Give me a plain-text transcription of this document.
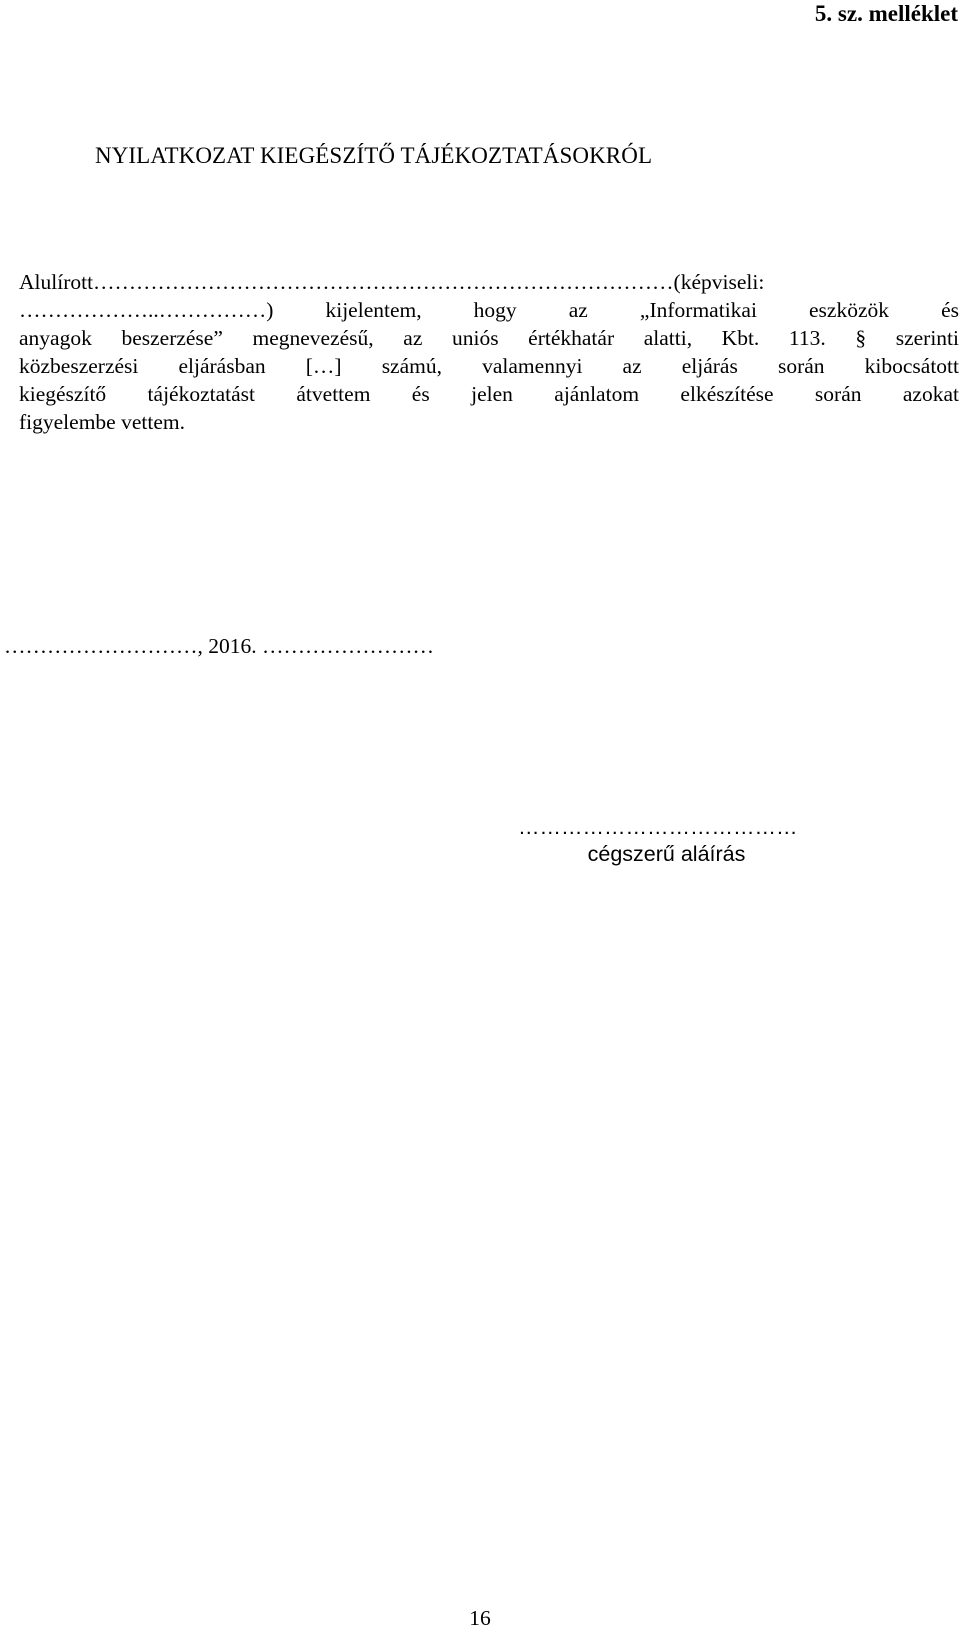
5. sz. melléklet
NYILATKOZAT KIEGÉSZÍTŐ TÁJÉKOZTATÁSOKRÓL
Alulírott………………………………………………………………………(képviseli:
………………..……………) kijelentem, hogy az „Informatikai eszközök és
anyagok beszerzése” megnevezésű, az uniós értékhatár alatti, Kbt. 113. § szerinti
közbeszerzési eljárásban […] számú, valamennyi az eljárás során kibocsátott
kiegészítő tájékoztatást átvettem és jelen ajánlatom elkészítése során azokat
figyelembe vettem.
………………………, 2016. ……………………
…………………………………
cégszerű aláírás
16
